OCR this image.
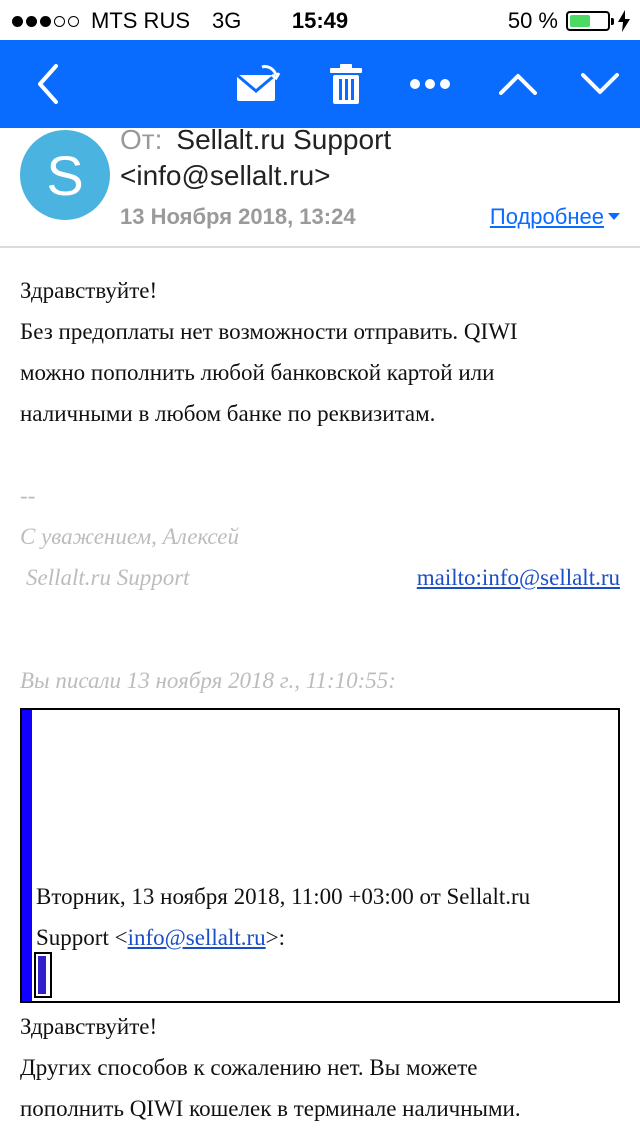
MTS RUS 3G	15:49	50 %
S
От: Sellalt.ru Support
<info@sellalt.ru>
13 Ноября 2018, 13:24	Подробнее

Здравствуйте!

Без предоплаты нет возможности отправить. QIWI

можно пополнить любой банковской картой или

наличными в любом банке по реквизитам.

--

С уважением, Алексей

Sellalt.ru Support	mailto:info@sellalt.ru

Вы писали 13 ноября 2018 г., 11:10:55:

Вторник, 13 ноября 2018, 11:00 +03:00 от Sellalt.ru
Support <info@sellalt.ru>:

Здравствуйте!

Других способов к сожалению нет. Вы можете

пополнить QIWI кошелек в терминале наличными.
